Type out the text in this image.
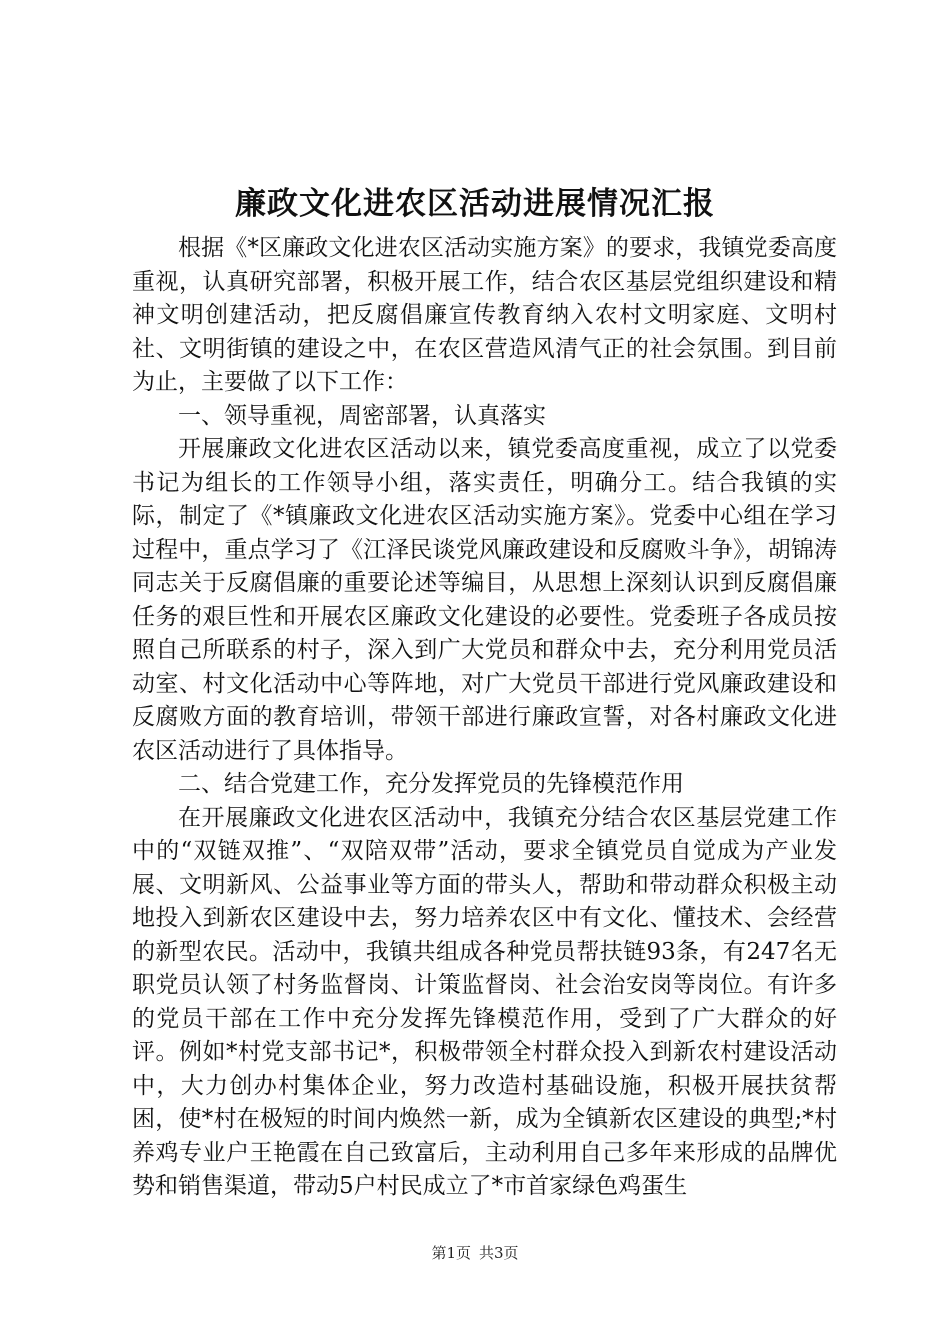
廉政文化进农区活动进展情况汇报

根据《*区廉政文化进农区活动实施方案》的要求，我镇党委高度重视，认真研究部署，积极开展工作，结合农区基层党组织建设和精神文明创建活动，把反腐倡廉宣传教育纳入农村文明家庭、文明村社、文明街镇的建设之中，在农区营造风清气正的社会氛围。到目前为止，主要做了以下工作：

一、领导重视，周密部署，认真落实

开展廉政文化进农区活动以来，镇党委高度重视，成立了以党委书记为组长的工作领导小组，落实责任，明确分工。结合我镇的实际，制定了《*镇廉政文化进农区活动实施方案》。党委中心组在学习过程中，重点学习了《江泽民谈党风廉政建设和反腐败斗争》，胡锦涛同志关于反腐倡廉的重要论述等编目，从思想上深刻认识到反腐倡廉任务的艰巨性和开展农区廉政文化建设的必要性。党委班子各成员按照自己所联系的村子，深入到广大党员和群众中去，充分利用党员活动室、村文化活动中心等阵地，对广大党员干部进行党风廉政建设和反腐败方面的教育培训，带领干部进行廉政宣誓，对各村廉政文化进农区活动进行了具体指导。

二、结合党建工作，充分发挥党员的先锋模范作用

在开展廉政文化进农区活动中，我镇充分结合农区基层党建工作中的“双链双推”、“双陪双带”活动，要求全镇党员自觉成为产业发展、文明新风、公益事业等方面的带头人，帮助和带动群众积极主动地投入到新农区建设中去，努力培养农区中有文化、懂技术、会经营的新型农民。活动中，我镇共组成各种党员帮扶链93条，有247名无职党员认领了村务监督岗、计策监督岗、社会治安岗等岗位。有许多的党员干部在工作中充分发挥先锋模范作用，受到了广大群众的好评。例如*村党支部书记*，积极带领全村群众投入到新农村建设活动中，大力创办村集体企业，努力改造村基础设施，积极开展扶贫帮困，使*村在极短的时间内焕然一新，成为全镇新农区建设的典型;*村养鸡专业户王艳霞在自己致富后，主动利用自己多年来形成的品牌优势和销售渠道，带动5户村民成立了*市首家绿色鸡蛋生

第1页 共3页
